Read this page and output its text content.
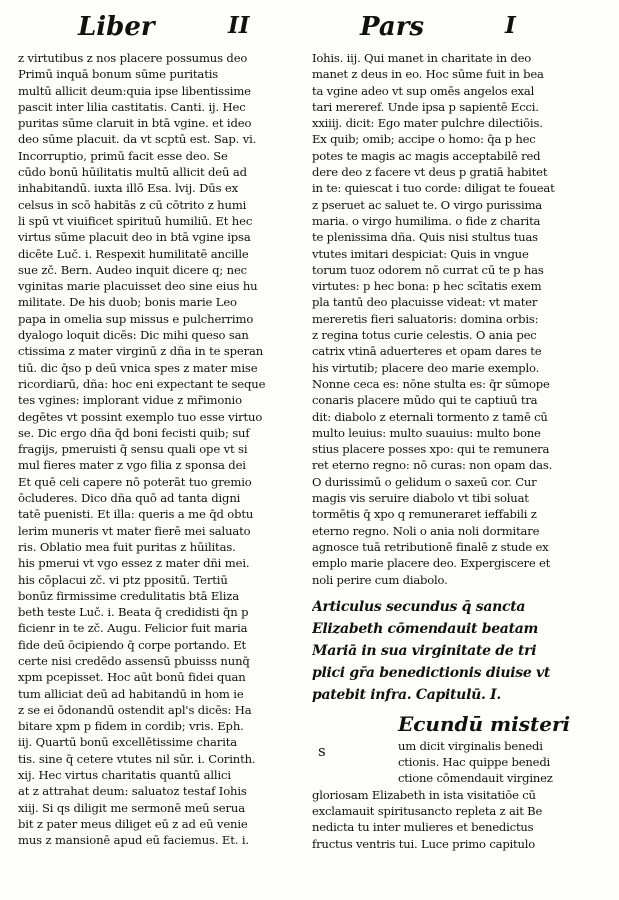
Liber	II	Pars	I
z virtutibus z nos placere possumus deo
Primū inquā bonum sūme puritatis
multū allicit deum:quia ipse libentissime
pascit inter lilia castitatis. Canti. ij. Hec
puritas sūme claruit in btā vgine. et ideo
deo sūme placuit. da vt scptū est. Sap. vi.
Incorruptio, primū facit esse deo. Se
cūdo bonū hūilitatis multū allicit deū ad
inhabitandū. iuxta illō Esa. lvij. Dūs ex
celsus in scō habitās z cū cōtrito z humi
li spū vt viuificet spirituū humiliū. Et hec
virtus sūme placuit deo in btā vgine ipsa
dicēte Luč. i. Respexit humilitatē ancille
sue zč. Bern. Audeo inquit dicere q; nec
vginitas marie placuisset deo sine eius hu
militate. De his duob; bonis marie Leo
papa in omelia sup missus e pulcherrimo
dyalogo loquit dicēs: Dic mihi queso san
ctissima z mater virginū z dña in te speran
tiū. dic q̄so p deū vnica spes z mater mise
ricordiarū, dña: hoc eni expectant te seque
tes vgines: implorant vidue z mr̄imonio
degētes vt possint exemplo tuo esse virtuo
se. Dic ergo dña q̄d boni fecisti quib; suf
fragijs, pmeruisti q̄ sensu quali ope vt si
mul fieres mater z vgo filia z sponsa dei
Et quē celi capere nō poterāt tuo gremio
ōcluderes. Dico dña quō ad tanta digni
tatē puenisti. Et illa: queris a me q̄d obtu
lerim muneris vt mater fierē mei saluato
ris. Oblatio mea fuit puritas z hūilitas.
his pmerui vt vgo essez z mater dñi mei.
his cōplacui zč. vi ptz ppositū. Tertiū
bonūz firmissime credulitatis btā Eliza
beth teste Luč. i. Beata q̄ credidisti q̄n p
ficienr in te zč. Augu. Felicior fuit maria
fide deū ōcipiendo q̄ corpe portando. Et
certe nisi credēdo assensū pbuisss nunq̄
xpm pcepisset. Hoc aūt bonū fidei quan
tum alliciat deū ad habitandū in hom ie
z se ei ōdonandū ostendit apl's dicēs: Ha
bitare xpm p fidem in cordib; vris. Eph.
iij. Quartū bonū excellētissime charita
tis. sine q̄ cetere vtutes nil sūr. i. Corinth.
xij. Hec virtus charitatis quantū allici
at z attrahat deum: saluatoz testaf Iohis
xiij. Si qs diligit me sermonē meū serua
bit z pater meus diliget eū z ad eū venie
mus z mansionē apud eū faciemus. Et. i.
Iohis. iij. Qui manet in charitate in deo
manet z deus in eo. Hoc sūme fuit in bea
ta vgine adeo vt sup omēs angelos exal
tari mereref. Unde ipsa p sapientē Ecci.
xxiiij. dicit: Ego mater pulchre dilectiōis.
Ex quib; omib; accipe o homo: q̄a p hec
potes te magis ac magis acceptabilē red
dere deo z facere vt deus p gratiā habitet
in te: quiescat i tuo corde: diligat te foueat
z pseruet ac saluet te. O virgo purissima
maria. o virgo humilima. o fide z charita
te plenissima dña. Quis nisi stultus tuas
vtutes imitari despiciat: Quis in vngue
torum tuoz odorem nō currat cū te p has
virtutes: p hec bona: p hec scītatis exem
pla tantū deo placuisse videat: vt mater
mereretis fieri saluatoris: domina orbis:
z regina totus curie celestis. O ania pec
catrix vtinā aduerteres et opam dares te
his virtutib; placere deo marie exemplo.
Nonne ceca es: nōne stulta es: q̄r sūmope
conaris placere mūdo qui te captiuū tra
dit: diabolo z eternali tormento z tamē cū
multo leuius: multo suauius: multo bone
stius placere posses xpo: qui te remunera
ret eterno regno: nō curas: non opam das.
O durissimū o gelidum o saxeū cor. Cur
magis vis seruire diabolo vt tibi soluat
tormētis q̄ xpo q remuneraret ieffabili z
eterno regno. Noli o ania noli dormitare
agnosce tuā retributionē finalē z stude ex
emplo marie placere deo. Expergiscere et
noli perire cum diabolo.
Articulus secundus q̄ sancta
Elizabeth cōmendauit beatam
Mariā in sua virginitate de tri
plici gr̄a benedictionis diuise vt
patebit infra. Capitulū. I.
s
Ecundū misteri
um dicit virginalis benedi
ctionis. Hac quippe benedi
ctione cōmendauit virginez
gloriosam Elizabeth in ista visitatiōe cū
exclamauit spiritusancto repleta z ait Be
nedicta tu inter mulieres et benedictus
fructus ventris tui. Luce primo capitulo
